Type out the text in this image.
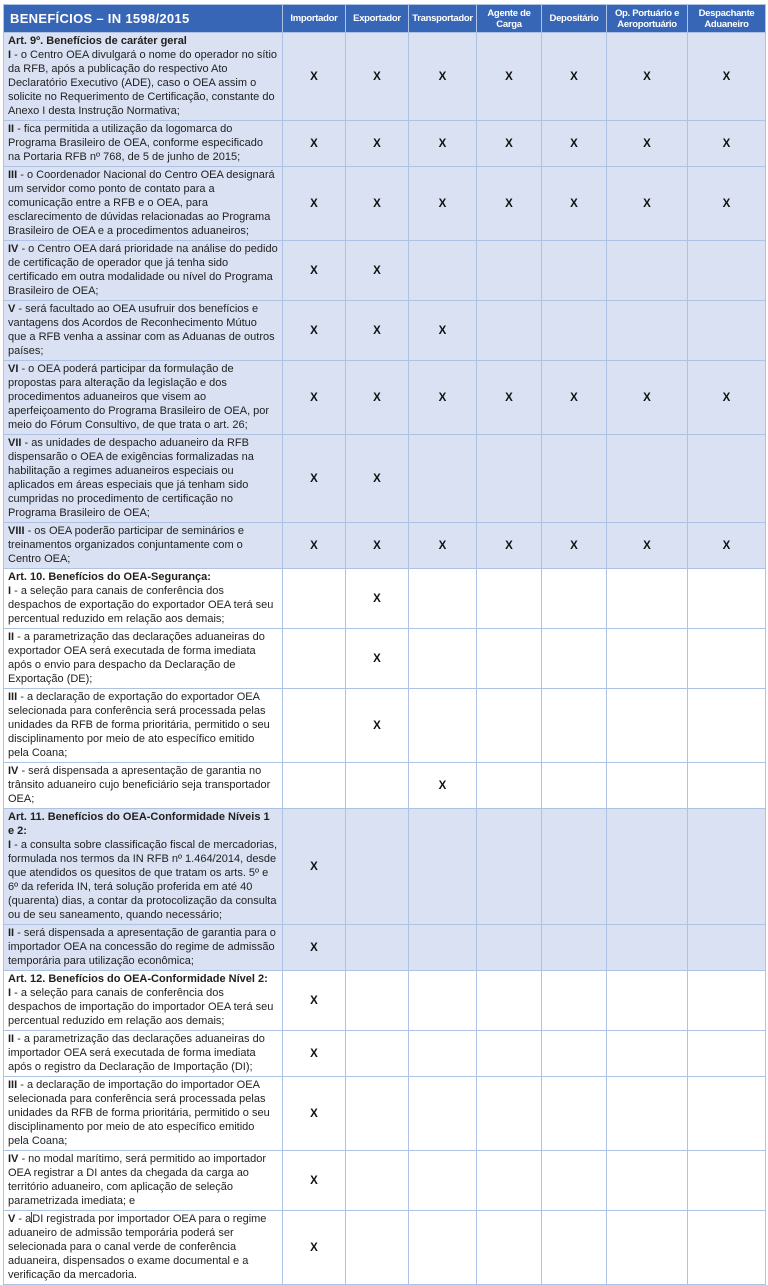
BENEFÍCIOS – IN 1598/2015	Importador	Exportador	Transportador	Agente de Carga	Depositário	Op. Portuário e Aeroportuário	Despachante Aduaneiro

Art. 9º. Benefícios de caráter geral
I - o Centro OEA divulgará o nome do operador no sítio da RFB, após a publicação do respectivo Ato Declaratório Executivo (ADE), caso o OEA assim o solicite no Requerimento de Certificação, constante do Anexo I desta Instrução Normativa;	X	X	X	X	X	X	X

II - fica permitida a utilização da logomarca do Programa Brasileiro de OEA, conforme especificado na Portaria RFB nº 768, de 5 de junho de 2015;	X	X	X	X	X	X	X

III - o Coordenador Nacional do Centro OEA designará um servidor como ponto de contato para a comunicação entre a RFB e o OEA, para esclarecimento de dúvidas relacionadas ao Programa Brasileiro de OEA e a procedimentos aduaneiros;	X	X	X	X	X	X	X

IV - o Centro OEA dará prioridade na análise do pedido de certificação de operador que já tenha sido certificado em outra modalidade ou nível do Programa Brasileiro de OEA;	X	X					

V - será facultado ao OEA usufruir dos benefícios e vantagens dos Acordos de Reconhecimento Mútuo que a RFB venha a assinar com as Aduanas de outros países;	X	X	X				

VI - o OEA poderá participar da formulação de propostas para alteração da legislação e dos procedimentos aduaneiros que visem ao aperfeiçoamento do Programa Brasileiro de OEA, por meio do Fórum Consultivo, de que trata o art. 26;	X	X	X	X	X	X	X

VII - as unidades de despacho aduaneiro da RFB dispensarão o OEA de exigências formalizadas na habilitação a regimes aduaneiros especiais ou aplicados em áreas especiais que já tenham sido cumpridas no procedimento de certificação no Programa Brasileiro de OEA;	X	X					

VIII - os OEA poderão participar de seminários e treinamentos organizados conjuntamente com o Centro OEA;	X	X	X	X	X	X	X

Art. 10. Benefícios do OEA-Segurança:
I - a seleção para canais de conferência dos despachos de exportação do exportador OEA terá seu percentual reduzido em relação aos demais;		X					

II - a parametrização das declarações aduaneiras do exportador OEA será executada de forma imediata após o envio para despacho da Declaração de Exportação (DE);		X					

III - a declaração de exportação do exportador OEA selecionada para conferência será processada pelas unidades da RFB de forma prioritária, permitido o seu disciplinamento por meio de ato específico emitido pela Coana;		X					

IV - será dispensada a apresentação de garantia no trânsito aduaneiro cujo beneficiário seja transportador OEA;			X				

Art. 11. Benefícios do OEA-Conformidade Níveis 1 e 2:
I - a consulta sobre classificação fiscal de mercadorias, formulada nos termos da IN RFB nº 1.464/2014, desde que atendidos os quesitos de que tratam os arts. 5º e 6º da referida IN, terá solução proferida em até 40 (quarenta) dias, a contar da protocolização da consulta ou de seu saneamento, quando necessário;	X						

II - será dispensada a apresentação de garantia para o importador OEA na concessão do regime de admissão temporária para utilização econômica;	X						

Art. 12. Benefícios do OEA-Conformidade Nível 2:
I - a seleção para canais de conferência dos despachos de importação do importador OEA terá seu percentual reduzido em relação aos demais;	X						

II - a parametrização das declarações aduaneiras do importador OEA será executada de forma imediata após o registro da Declaração de Importação (DI);	X						

III - a declaração de importação do importador OEA selecionada para conferência será processada pelas unidades da RFB de forma prioritária, permitido o seu disciplinamento por meio de ato específico emitido pela Coana;	X						

IV - no modal marítimo, será permitido ao importador OEA registrar a DI antes da chegada da carga ao território aduaneiro, com aplicação de seleção parametrizada imediata; e	X						

V - aDI registrada por importador OEA para o regime aduaneiro de admissão temporária poderá ser selecionada para o canal verde de conferência aduaneira, dispensados o exame documental e a verificação da mercadoria.	X						
